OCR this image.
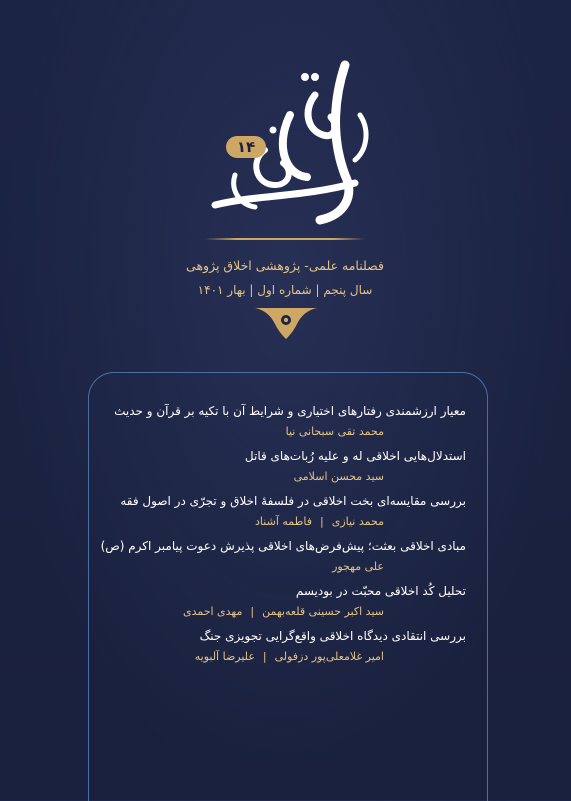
۱۴
فصلنامه علمی- پژوهشی اخلاق پژوهی
سال پنجم | شماره اول | بهار ۱۴۰۱
معیار ارزشمندی رفتارهای اختیاری و شرایط آن با تکیه بر قرآن و حدیث
محمد تقی سبحانی نیا
استدلال‌هایی اخلاقی له و علیه رُبات‌های قاتل
سید محسن اسلامی
بررسی مقایسه‌ای بخت اخلاقی در فلسفهٔ اخلاق و تجرّی در اصول فقه
محمد نیازی|فاطمه آشناد
مبادی اخلاقی بعثت؛ پیش‌فرض‌های اخلاقی پذیرش دعوت پیامبر اکرم (ص)
علی مهجور
تحلیل کُد اخلاقی محبّت در بودیسم
سید اکبر حسینی قلعه‌بهمن|مهدی احمدی
بررسی انتقادی دیدگاه اخلاقی واقع‌گرایی تجویزی جنگ
امیر غلامعلی‌پور دزفولی|علیرضا آلبویه
